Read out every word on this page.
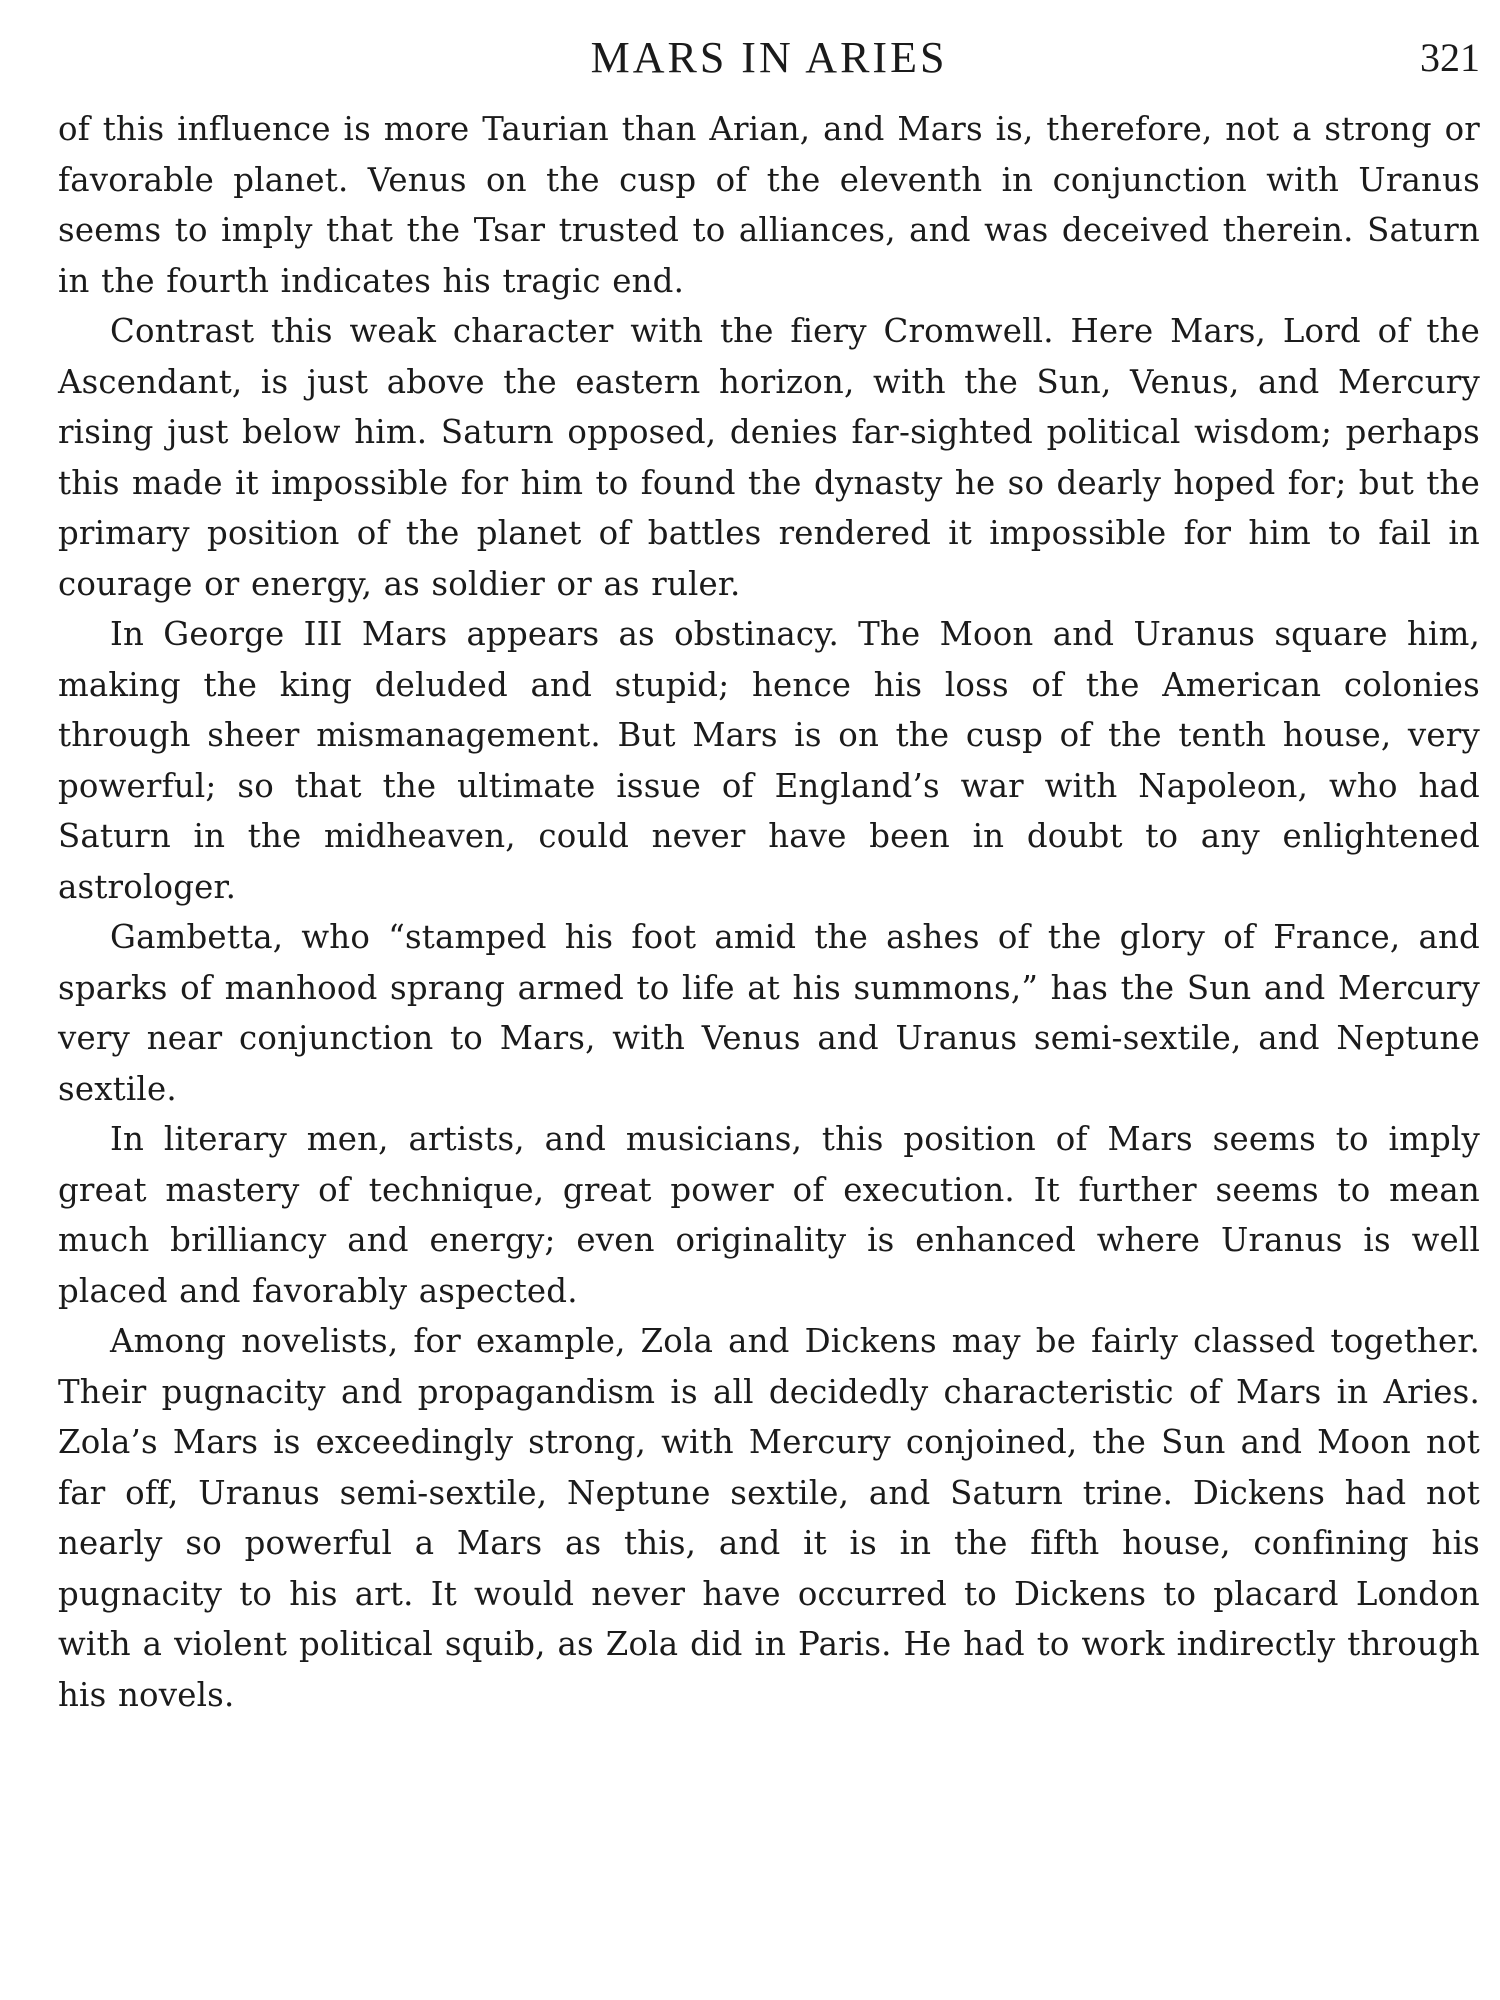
MARS IN ARIES	321

of this influence is more Taurian than Arian, and Mars is, therefore, not a strong or favorable planet. Venus on the cusp of the eleventh in conjunction with Uranus seems to imply that the Tsar trusted to alliances, and was deceived therein. Saturn in the fourth indicates his tragic end.

Contrast this weak character with the fiery Cromwell. Here Mars, Lord of the Ascendant, is just above the eastern horizon, with the Sun, Venus, and Mercury rising just below him. Saturn opposed, denies far-sighted political wisdom; perhaps this made it impossible for him to found the dynasty he so dearly hoped for; but the primary position of the planet of battles rendered it impossible for him to fail in courage or energy, as soldier or as ruler.

In George III Mars appears as obstinacy. The Moon and Uranus square him, making the king deluded and stupid; hence his loss of the American colonies through sheer mismanagement. But Mars is on the cusp of the tenth house, very powerful; so that the ultimate issue of England’s war with Napoleon, who had Saturn in the midheaven, could never have been in doubt to any enlightened astrologer.

Gambetta, who “stamped his foot amid the ashes of the glory of France, and sparks of manhood sprang armed to life at his summons,” has the Sun and Mercury very near conjunction to Mars, with Venus and Uranus semi-sextile, and Neptune sextile.

In literary men, artists, and musicians, this position of Mars seems to imply great mastery of technique, great power of execution. It further seems to mean much brilliancy and energy; even originality is enhanced where Uranus is well placed and favorably aspected.

Among novelists, for example, Zola and Dickens may be fairly classed together. Their pugnacity and propagandism is all decidedly characteristic of Mars in Aries. Zola’s Mars is exceedingly strong, with Mercury conjoined, the Sun and Moon not far off, Uranus semi-sextile, Neptune sextile, and Saturn trine. Dickens had not nearly so powerful a Mars as this, and it is in the fifth house, confining his pugnacity to his art. It would never have occurred to Dickens to placard London with a violent political squib, as Zola did in Paris. He had to work indirectly through his novels.
